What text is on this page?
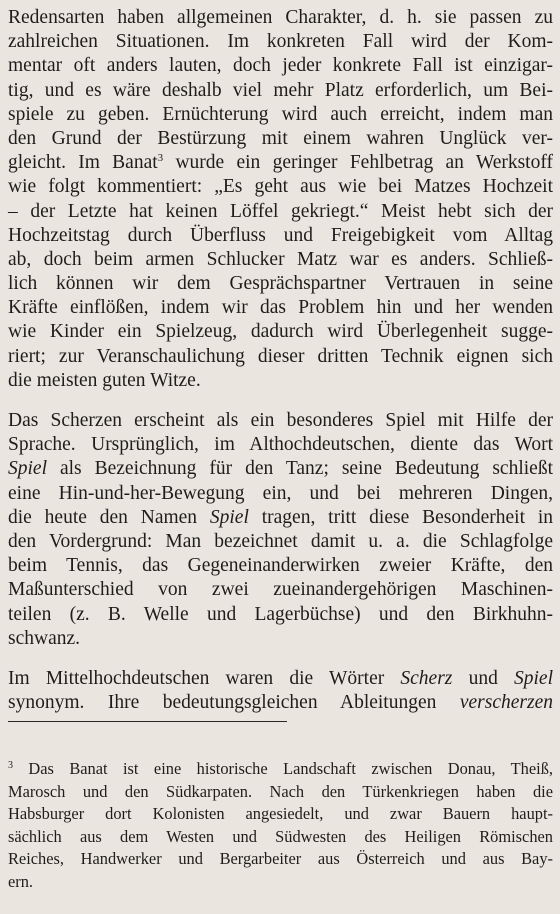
Redensarten haben allgemeinen Charakter, d. h. sie passen zu
zahlreichen Situationen. Im konkreten Fall wird der Kom-
mentar oft anders lauten, doch jeder konkrete Fall ist einzigar-
tig, und es wäre deshalb viel mehr Platz erforderlich, um Bei-
spiele zu geben. Ernüchterung wird auch erreicht, indem man
den Grund der Bestürzung mit einem wahren Unglück ver-
gleicht. Im Banat$^3$ wurde ein geringer Fehlbetrag an Werkstoff
wie folgt kommentiert: „Es geht aus wie bei Matzes Hochzeit
– der Letzte hat keinen Löffel gekriegt.“ Meist hebt sich der
Hochzeitstag durch Überfluss und Freigebigkeit vom Alltag
ab, doch beim armen Schlucker Matz war es anders. Schließ-
lich können wir dem Gesprächspartner Vertrauen in seine
Kräfte einflößen, indem wir das Problem hin und her wenden
wie Kinder ein Spielzeug, dadurch wird Überlegenheit sugge-
riert; zur Veranschaulichung dieser dritten Technik eignen sich
die meisten guten Witze.
Das Scherzen erscheint als ein besonderes Spiel mit Hilfe der
Sprache. Ursprünglich, im Althochdeutschen, diente das Wort
Spiel als Bezeichnung für den Tanz; seine Bedeutung schließt
eine Hin-und-her-Bewegung ein, und bei mehreren Dingen,
die heute den Namen Spiel tragen, tritt diese Besonderheit in
den Vordergrund: Man bezeichnet damit u. a. die Schlagfolge
beim Tennis, das Gegeneinanderwirken zweier Kräfte, den
Maßunterschied von zwei zueinandergehörigen Maschinen-
teilen (z. B. Welle und Lagerbüchse) und den Birkhuhn-
schwanz.
Im Mittelhochdeutschen waren die Wörter Scherz und Spiel
synonym. Ihre bedeutungsgleichen Ableitungen verscherzen
$^3$ Das Banat ist eine historische Landschaft zwischen Donau, Theiß,
Marosch und den Südkarpaten. Nach den Türkenkriegen haben die
Habsburger dort Kolonisten angesiedelt, und zwar Bauern haupt-
sächlich aus dem Westen und Südwesten des Heiligen Römischen
Reiches, Handwerker und Bergarbeiter aus Österreich und aus Bay-
ern.
